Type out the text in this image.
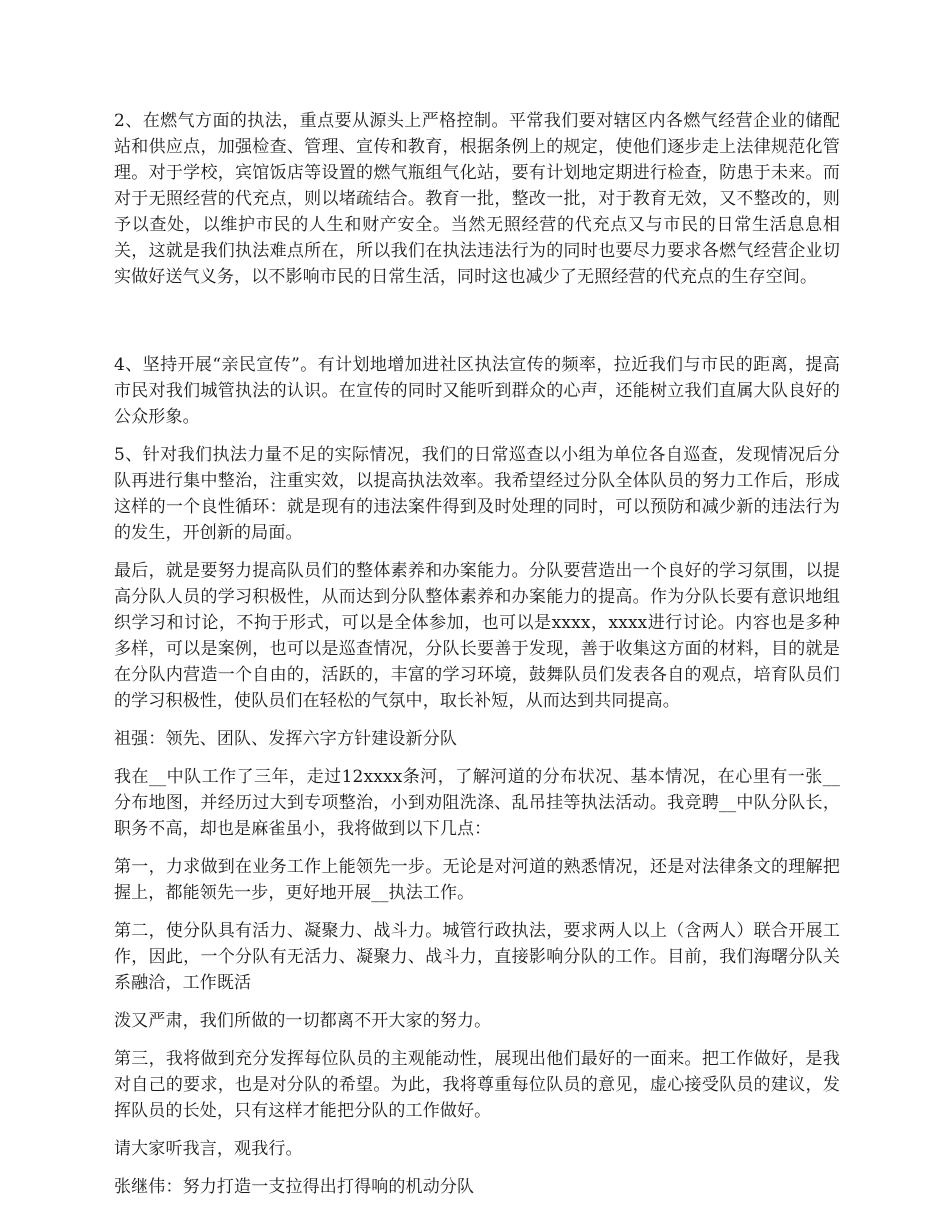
2、在燃气方面的执法，重点要从源头上严格控制。平常我们要对辖区内各燃气经营企业的储配站和供应点，加强检查、管理、宣传和教育，根据条例上的规定，使他们逐步走上法律规范化管理。对于学校，宾馆饭店等设置的燃气瓶组气化站，要有计划地定期进行检查，防患于未来。而对于无照经营的代充点，则以堵疏结合。教育一批，整改一批，对于教育无效，又不整改的，则予以查处，以维护市民的人生和财产安全。当然无照经营的代充点又与市民的日常生活息息相关，这就是我们执法难点所在，所以我们在执法违法行为的同时也要尽力要求各燃气经营企业切实做好送气义务，以不影响市民的日常生活，同时这也减少了无照经营的代充点的生存空间。

4、坚持开展“亲民宣传”。有计划地增加进社区执法宣传的频率，拉近我们与市民的距离，提高市民对我们城管执法的认识。在宣传的同时又能听到群众的心声，还能树立我们直属大队良好的公众形象。

5、针对我们执法力量不足的实际情况，我们的日常巡查以小组为单位各自巡查，发现情况后分队再进行集中整治，注重实效，以提高执法效率。我希望经过分队全体队员的努力工作后，形成这样的一个良性循环：就是现有的违法案件得到及时处理的同时，可以预防和减少新的违法行为的发生，开创新的局面。

最后，就是要努力提高队员们的整体素养和办案能力。分队要营造出一个良好的学习氛围，以提高分队人员的学习积极性，从而达到分队整体素养和办案能力的提高。作为分队长要有意识地组织学习和讨论，不拘于形式，可以是全体参加，也可以是xxxx，xxxx进行讨论。内容也是多种多样，可以是案例，也可以是巡查情况，分队长要善于发现，善于收集这方面的材料，目的就是在分队内营造一个自由的，活跃的，丰富的学习环境，鼓舞队员们发表各自的观点，培育队员们的学习积极性，使队员们在轻松的气氛中，取长补短，从而达到共同提高。

祖强：领先、团队、发挥六字方针建设新分队

我在__中队工作了三年，走过12xxxx条河，了解河道的分布状况、基本情况，在心里有一张__分布地图，并经历过大到专项整治，小到劝阻洗涤、乱吊挂等执法活动。我竞聘__中队分队长，职务不高，却也是麻雀虽小，我将做到以下几点：

第一，力求做到在业务工作上能领先一步。无论是对河道的熟悉情况，还是对法律条文的理解把握上，都能领先一步，更好地开展__执法工作。

第二，使分队具有活力、凝聚力、战斗力。城管行政执法，要求两人以上（含两人）联合开展工作，因此，一个分队有无活力、凝聚力、战斗力，直接影响分队的工作。目前，我们海曙分队关系融洽，工作既活

泼又严肃，我们所做的一切都离不开大家的努力。

第三，我将做到充分发挥每位队员的主观能动性，展现出他们最好的一面来。把工作做好，是我对自己的要求，也是对分队的希望。为此，我将尊重每位队员的意见，虚心接受队员的建议，发挥队员的长处，只有这样才能把分队的工作做好。

请大家听我言，观我行。

张继伟：努力打造一支拉得出打得响的机动分队
